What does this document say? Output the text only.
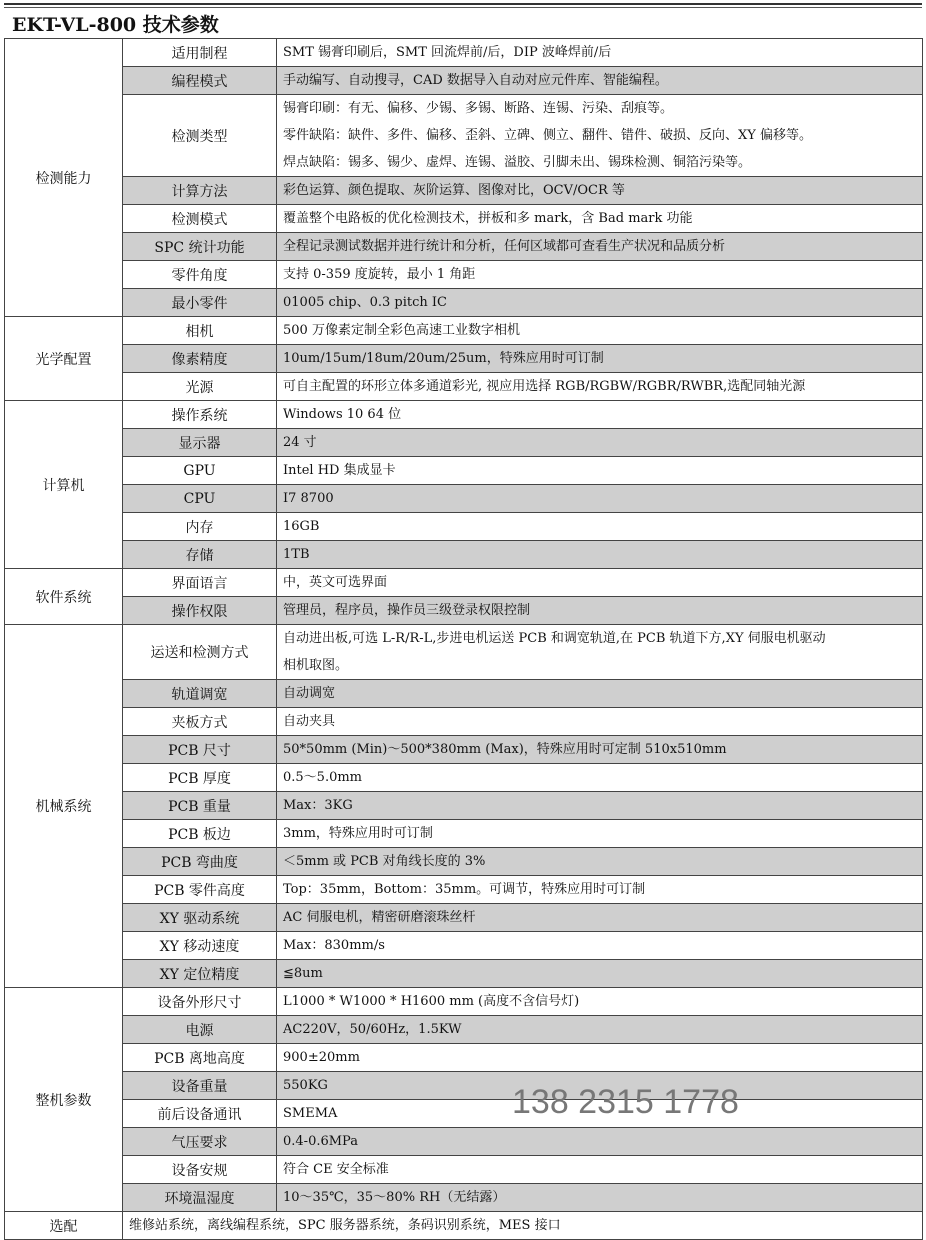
EKT-VL-800 技术参数
检测能力	适用制程	SMT 锡膏印刷后，SMT 回流焊前/后，DIP 波峰焊前/后

	编程模式	手动编写、自动搜寻，CAD 数据导入自动对应元件库、智能编程。

	检测类型	锡膏印刷：有无、偏移、少锡、多锡、断路、连锡、污染、刮痕等。
零件缺陷：缺件、多件、偏移、歪斜、立碑、侧立、翻件、错件、破损、反向、XY 偏移等。
焊点缺陷：锡多、锡少、虚焊、连锡、溢胶、引脚未出、锡珠检测、铜箔污染等。

	计算方法	彩色运算、颜色提取、灰阶运算、图像对比，OCV/OCR 等

	检测模式	覆盖整个电路板的优化检测技术，拼板和多 mark，含 Bad mark 功能

	SPC 统计功能	全程记录测试数据并进行统计和分析，任何区域都可查看生产状况和品质分析

	零件角度	支持 0-359 度旋转，最小 1 角距

	最小零件	01005 chip、0.3 pitch IC

光学配置	相机	500 万像素定制全彩色高速工业数字相机

	像素精度	10um/15um/18um/20um/25um，特殊应用时可订制

	光源	可自主配置的环形立体多通道彩光, 视应用选择 RGB/RGBW/RGBR/RWBR,选配同轴光源

计算机	操作系统	Windows 10 64 位

	显示器	24 寸

	GPU	Intel HD 集成显卡

	CPU	I7 8700

	内存	16GB

	存储	1TB

软件系统	界面语言	中，英文可选界面

	操作权限	管理员，程序员，操作员三级登录权限控制

机械系统	运送和检测方式	自动进出板,可选 L-R/R-L,步进电机运送 PCB 和调宽轨道,在 PCB 轨道下方,XY 伺服电机驱动
相机取图。

	轨道调宽	自动调宽

	夹板方式	自动夹具

	PCB 尺寸	50*50mm (Min)～500*380mm (Max)，特殊应用时可定制 510x510mm

	PCB 厚度	0.5～5.0mm

	PCB 重量	Max：3KG

	PCB 板边	3mm，特殊应用时可订制

	PCB 弯曲度	＜5mm 或 PCB 对角线长度的 3%

	PCB 零件高度	Top：35mm，Bottom：35mm。可调节，特殊应用时可订制

	XY 驱动系统	AC 伺服电机，精密研磨滚珠丝杆

	XY 移动速度	Max：830mm/s

	XY 定位精度	≦8um

整机参数	设备外形尺寸	L1000 * W1000 * H1600 mm (高度不含信号灯)

	电源	AC220V，50/60Hz，1.5KW

	PCB 离地高度	900±20mm

	设备重量	550KG

	前后设备通讯	SMEMA

	气压要求	0.4-0.6MPa

	设备安规	符合 CE 安全标准

	环境温湿度	10～35℃，35～80% RH（无结露）

选配	维修站系统，离线编程系统，SPC 服务器系统，条码识别系统，MES 接口	
138 2315 1778
